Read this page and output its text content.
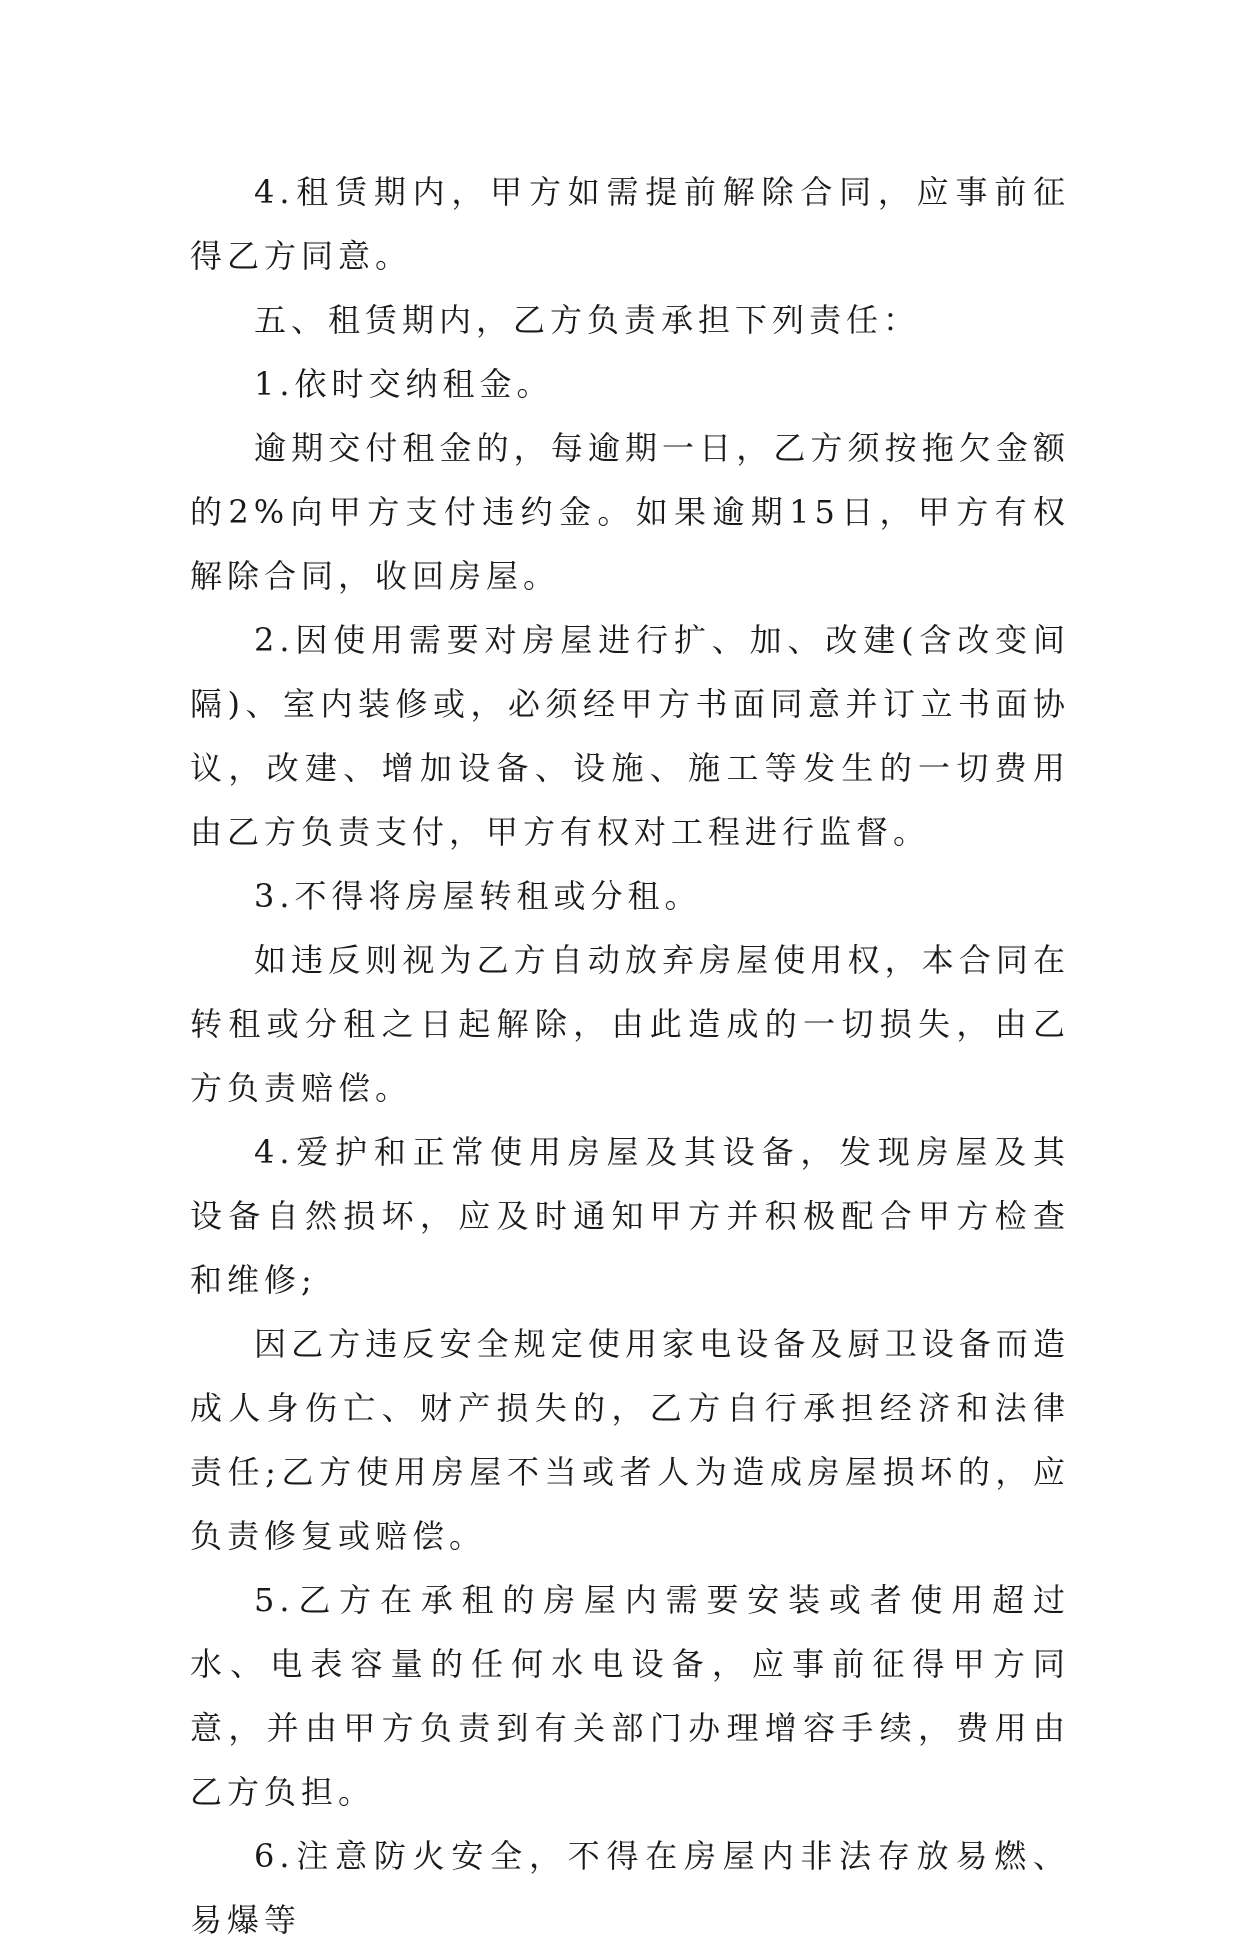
4.租赁期内，甲方如需提前解除合同，应事前征得乙方同意。

五、租赁期内，乙方负责承担下列责任：

1.依时交纳租金。

逾期交付租金的，每逾期一日，乙方须按拖欠金额的2%向甲方支付违约金。如果逾期15日，甲方有权解除合同，收回房屋。

2.因使用需要对房屋进行扩、加、改建(含改变间隔)、室内装修或，必须经甲方书面同意并订立书面协议，改建、增加设备、设施、施工等发生的一切费用由乙方负责支付，甲方有权对工程进行监督。

3.不得将房屋转租或分租。

如违反则视为乙方自动放弃房屋使用权，本合同在转租或分租之日起解除，由此造成的一切损失，由乙方负责赔偿。

4.爱护和正常使用房屋及其设备，发现房屋及其设备自然损坏，应及时通知甲方并积极配合甲方检查和维修;

因乙方违反安全规定使用家电设备及厨卫设备而造成人身伤亡、财产损失的，乙方自行承担经济和法律责任;乙方使用房屋不当或者人为造成房屋损坏的，应负责修复或赔偿。

5.乙方在承租的房屋内需要安装或者使用超过水、电表容量的任何水电设备，应事前征得甲方同意，并由甲方负责到有关部门办理增容手续，费用由乙方负担。

6.注意防火安全，不得在房屋内非法存放易燃、易爆等
